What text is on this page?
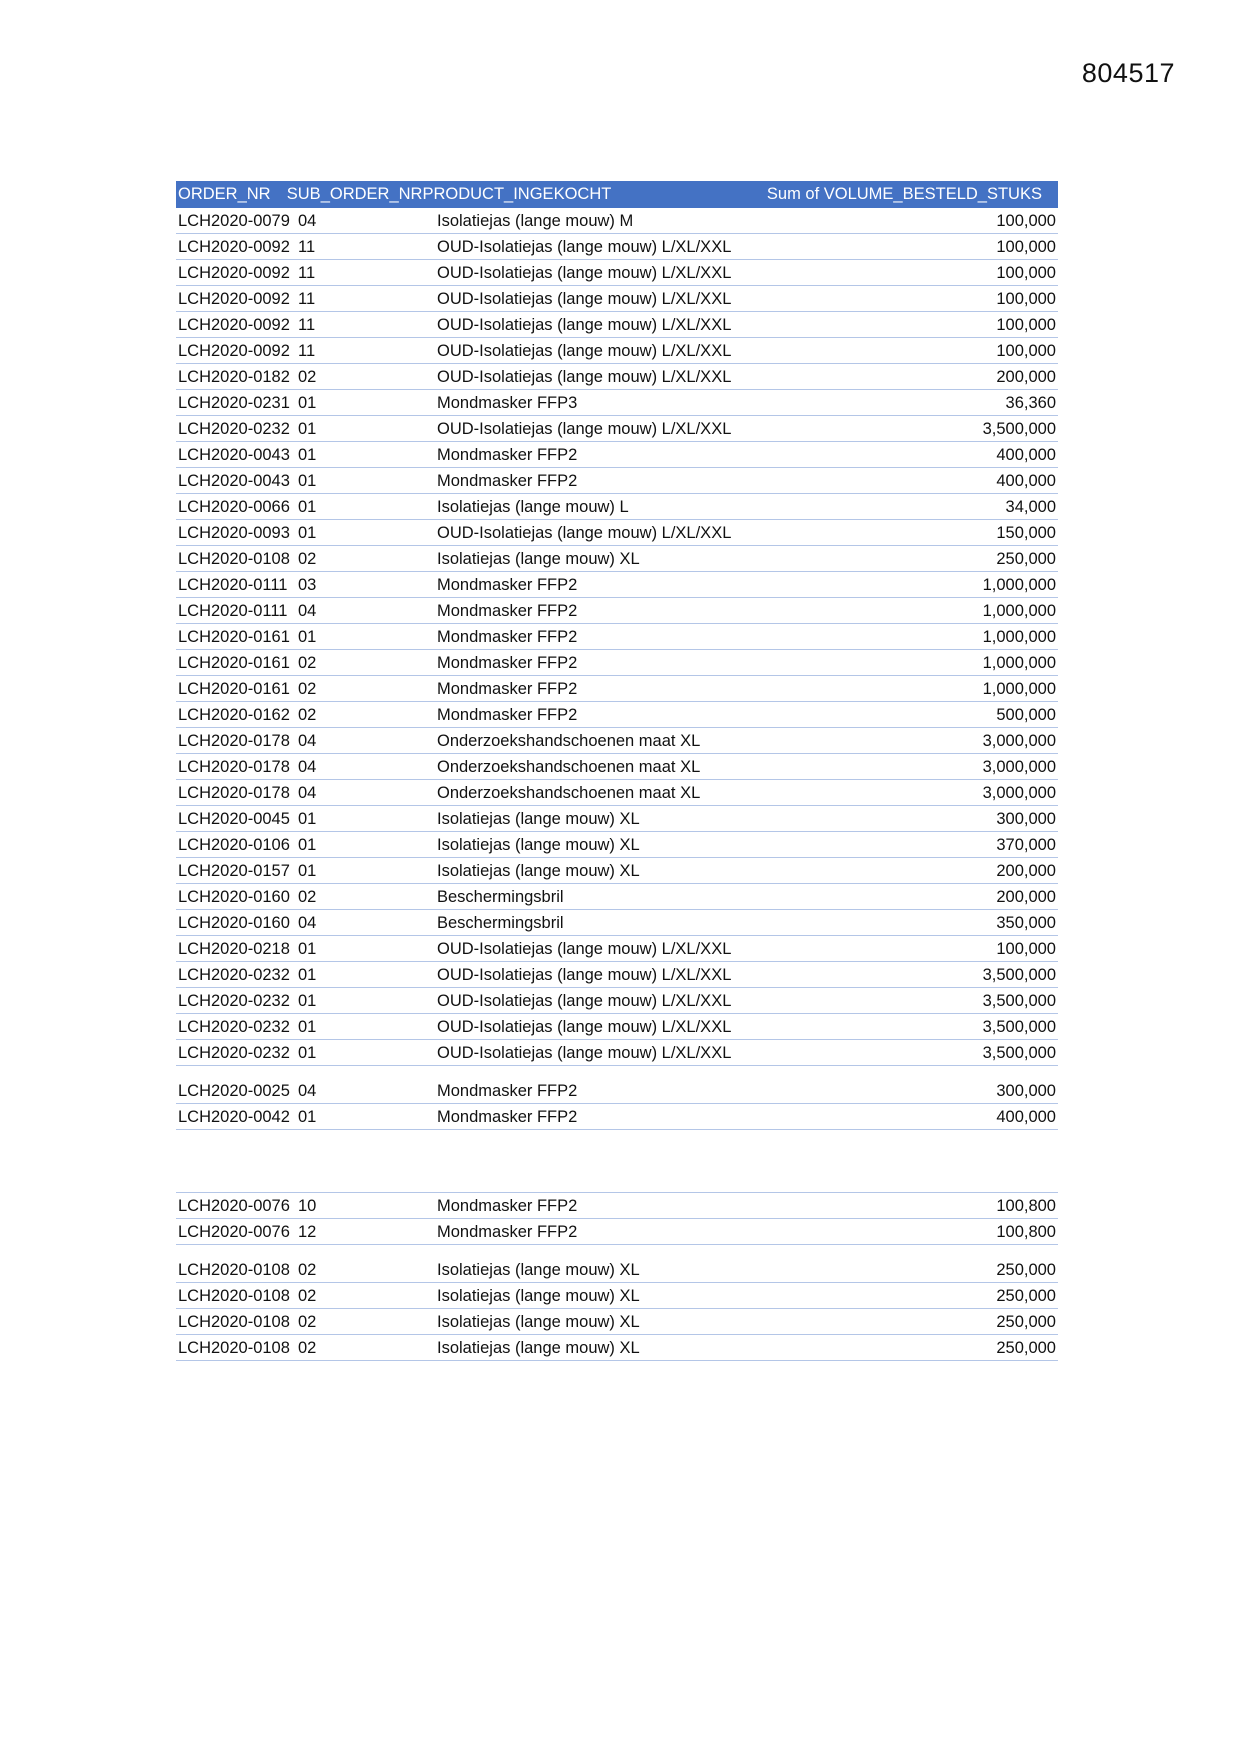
804517
ORDER_NR SUB_ORDER_NR PRODUCT_INGEKOCHT	Sum of VOLUME_BESTELD_STUKS
LCH2020-0079 04	Isolatiejas (lange mouw) M	100,000
LCH2020-0092 11	OUD-Isolatiejas (lange mouw) L/XL/XXL	100,000
LCH2020-0092 11	OUD-Isolatiejas (lange mouw) L/XL/XXL	100,000
LCH2020-0092 11	OUD-Isolatiejas (lange mouw) L/XL/XXL	100,000
LCH2020-0092 11	OUD-Isolatiejas (lange mouw) L/XL/XXL	100,000
LCH2020-0092 11	OUD-Isolatiejas (lange mouw) L/XL/XXL	100,000
LCH2020-0182 02	OUD-Isolatiejas (lange mouw) L/XL/XXL	200,000
LCH2020-0231 01	Mondmasker FFP3	36,360
LCH2020-0232 01	OUD-Isolatiejas (lange mouw) L/XL/XXL	3,500,000
LCH2020-0043 01	Mondmasker FFP2	400,000
LCH2020-0043 01	Mondmasker FFP2	400,000
LCH2020-0066 01	Isolatiejas (lange mouw) L	34,000
LCH2020-0093 01	OUD-Isolatiejas (lange mouw) L/XL/XXL	150,000
LCH2020-0108 02	Isolatiejas (lange mouw) XL	250,000
LCH2020-0111 03	Mondmasker FFP2	1,000,000
LCH2020-0111 04	Mondmasker FFP2	1,000,000
LCH2020-0161 01	Mondmasker FFP2	1,000,000
LCH2020-0161 02	Mondmasker FFP2	1,000,000
LCH2020-0161 02	Mondmasker FFP2	1,000,000
LCH2020-0162 02	Mondmasker FFP2	500,000
LCH2020-0178 04	Onderzoekshandschoenen maat XL	3,000,000
LCH2020-0178 04	Onderzoekshandschoenen maat XL	3,000,000
LCH2020-0178 04	Onderzoekshandschoenen maat XL	3,000,000
LCH2020-0045 01	Isolatiejas (lange mouw) XL	300,000
LCH2020-0106 01	Isolatiejas (lange mouw) XL	370,000
LCH2020-0157 01	Isolatiejas (lange mouw) XL	200,000
LCH2020-0160 02	Beschermingsbril	200,000
LCH2020-0160 04	Beschermingsbril	350,000
LCH2020-0218 01	OUD-Isolatiejas (lange mouw) L/XL/XXL	100,000
LCH2020-0232 01	OUD-Isolatiejas (lange mouw) L/XL/XXL	3,500,000
LCH2020-0232 01	OUD-Isolatiejas (lange mouw) L/XL/XXL	3,500,000
LCH2020-0232 01	OUD-Isolatiejas (lange mouw) L/XL/XXL	3,500,000
LCH2020-0232 01	OUD-Isolatiejas (lange mouw) L/XL/XXL	3,500,000
LCH2020-0025 04	Mondmasker FFP2	300,000
LCH2020-0042 01	Mondmasker FFP2	400,000
LCH2020-0076 10	Mondmasker FFP2	100,800
LCH2020-0076 12	Mondmasker FFP2	100,800
LCH2020-0108 02	Isolatiejas (lange mouw) XL	250,000
LCH2020-0108 02	Isolatiejas (lange mouw) XL	250,000
LCH2020-0108 02	Isolatiejas (lange mouw) XL	250,000
LCH2020-0108 02	Isolatiejas (lange mouw) XL	250,000
